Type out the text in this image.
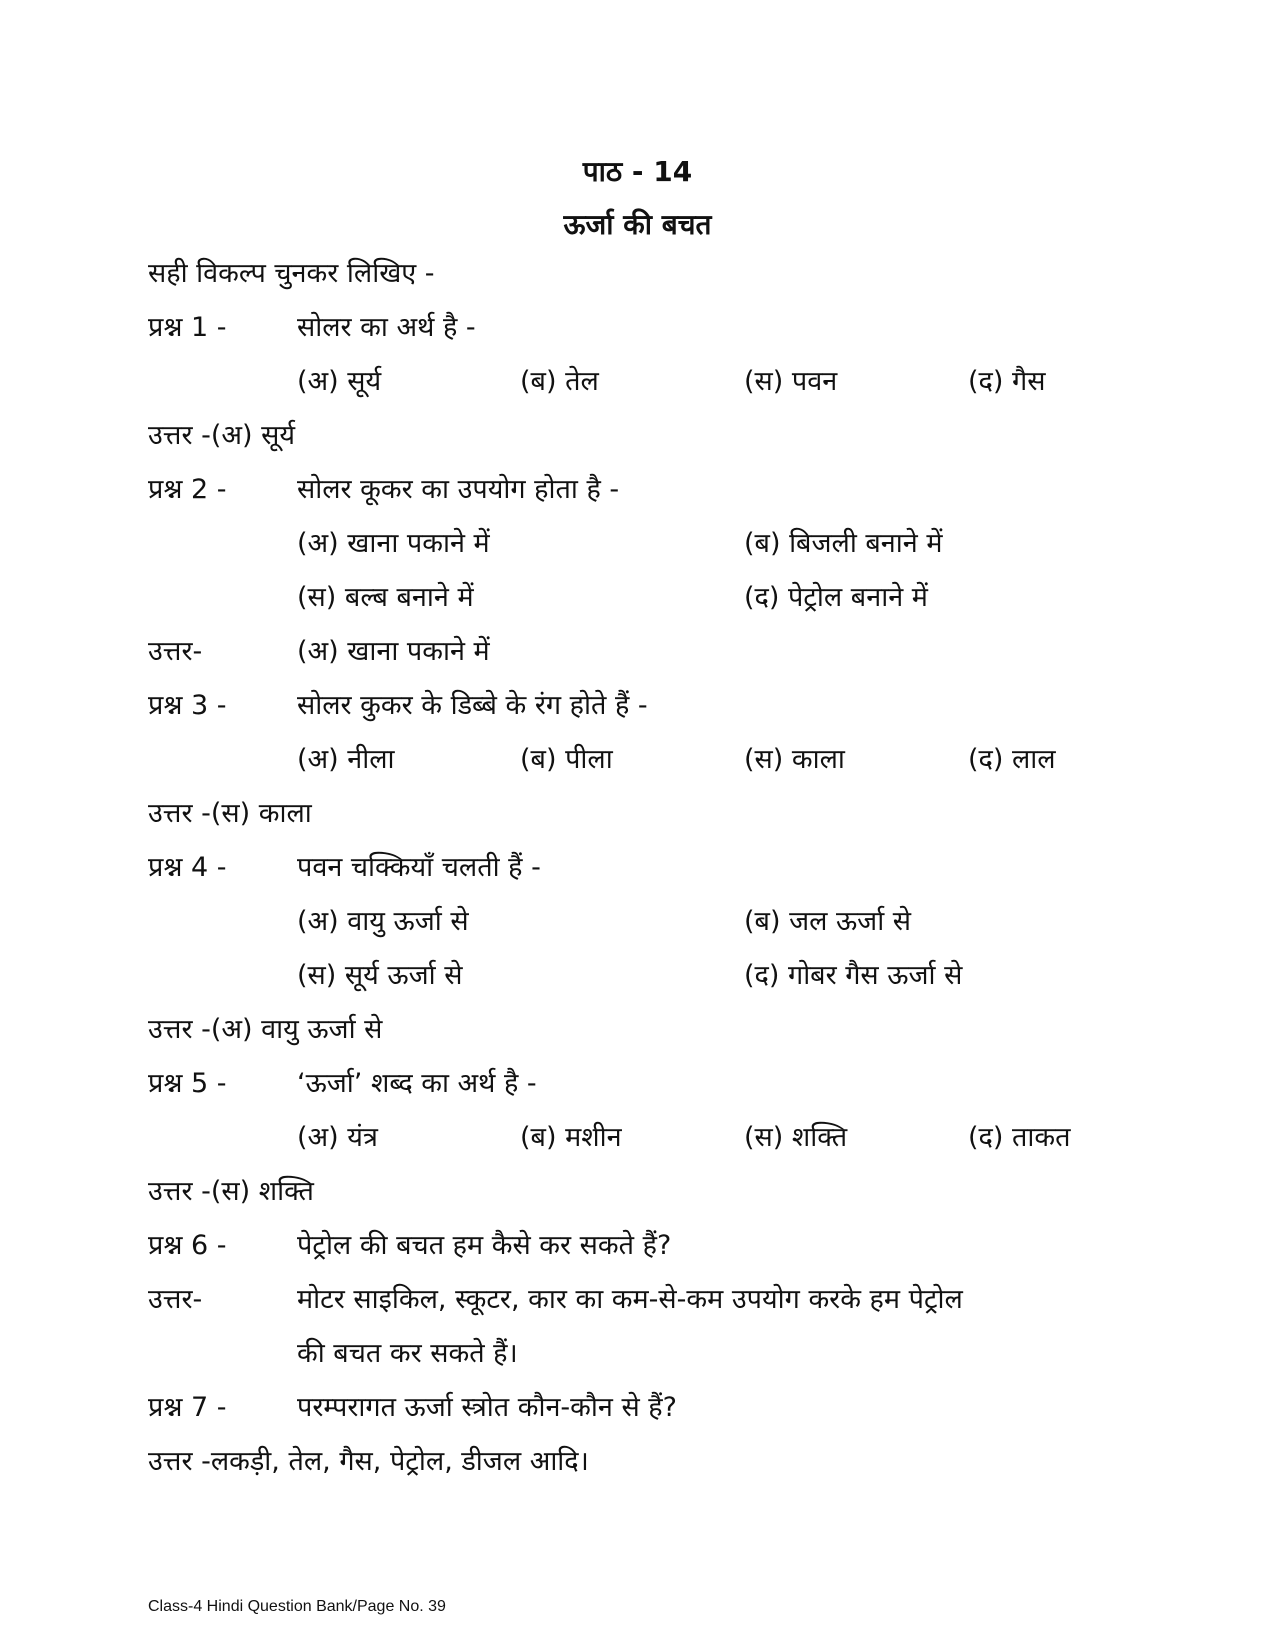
पाठ - 14
ऊर्जा की बचत
सही विकल्प चुनकर लिखिए -
प्रश्न 1 -	सोलर का अर्थ है -
(अ) सूर्य	(ब) तेल	(स) पवन	(द) गैस
उत्तर -(अ) सूर्य
प्रश्न 2 -	सोलर कूकर का उपयोग होता है -
(अ) खाना पकाने में	(ब) बिजली बनाने में
(स) बल्ब बनाने में	(द) पेट्रोल बनाने में
उत्तर-	(अ) खाना पकाने में
प्रश्न 3 -	सोलर कुकर के डिब्बे के रंग होते हैं -
(अ) नीला	(ब) पीला	(स) काला	(द) लाल
उत्तर -(स) काला
प्रश्न 4 -	पवन चक्कियाँ चलती हैं -
(अ) वायु ऊर्जा से	(ब) जल ऊर्जा से
(स) सूर्य ऊर्जा से	(द) गोबर गैस ऊर्जा से
उत्तर -(अ) वायु ऊर्जा से
प्रश्न 5 -	‘ऊर्जा’ शब्द का अर्थ है -
(अ) यंत्र	(ब) मशीन	(स) शक्ति	(द) ताकत
उत्तर -(स) शक्ति
प्रश्न 6 -	पेट्रोल की बचत हम कैसे कर सकते हैं?
उत्तर-	मोटर साइकिल, स्कूटर, कार का कम-से-कम उपयोग करके हम पेट्रोल
की बचत कर सकते हैं।
प्रश्न 7 -	परम्परागत ऊर्जा स्त्रोत कौन-कौन से हैं?
उत्तर -लकड़ी, तेल, गैस, पेट्रोल, डीजल आदि।
Class-4 Hindi Question Bank/Page No. 39
